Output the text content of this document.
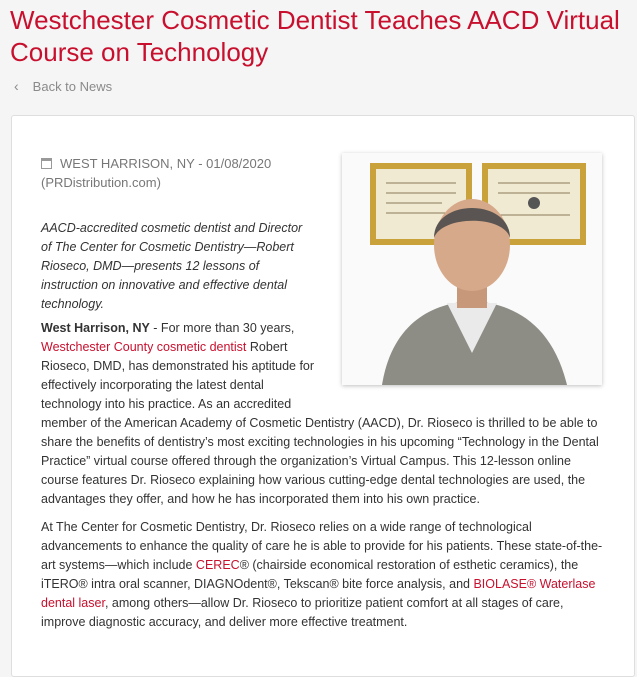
Westchester Cosmetic Dentist Teaches AACD Virtual Course on Technology
‹ Back to News
WEST HARRISON, NY - 01/08/2020
(PRDistribution.com)

AACD-accredited cosmetic dentist and Director of The Center for Cosmetic Dentistry—Robert Rioseco, DMD—presents 12 lessons of instruction on innovative and effective dental technology.

West Harrison, NY - For more than 30 years, Westchester County cosmetic dentist Robert Rioseco, DMD, has demonstrated his aptitude for effectively incorporating the latest dental technology into his practice. As an accredited
member of the American Academy of Cosmetic Dentistry (AACD), Dr. Rioseco is thrilled to be able to share the benefits of dentistry’s most exciting technologies in his upcoming “Technology in the Dental Practice” virtual course offered through the organization’s Virtual Campus. This 12-lesson online course features Dr. Rioseco explaining how various cutting-edge dental technologies are used, the advantages they offer, and how he has incorporated them into his own practice.

At The Center for Cosmetic Dentistry, Dr. Rioseco relies on a wide range of technological advancements to enhance the quality of care he is able to provide for his patients. These state-of-the-art systems—which include CEREC® (chairside economical restoration of esthetic ceramics), the iTERO® intra oral scanner, DIAGNOdent®, Tekscan® bite force analysis, and BIOLASE® Waterlase dental laser, among others—allow Dr. Rioseco to prioritize patient comfort at all stages of care, improve diagnostic accuracy, and deliver more effective treatment.
